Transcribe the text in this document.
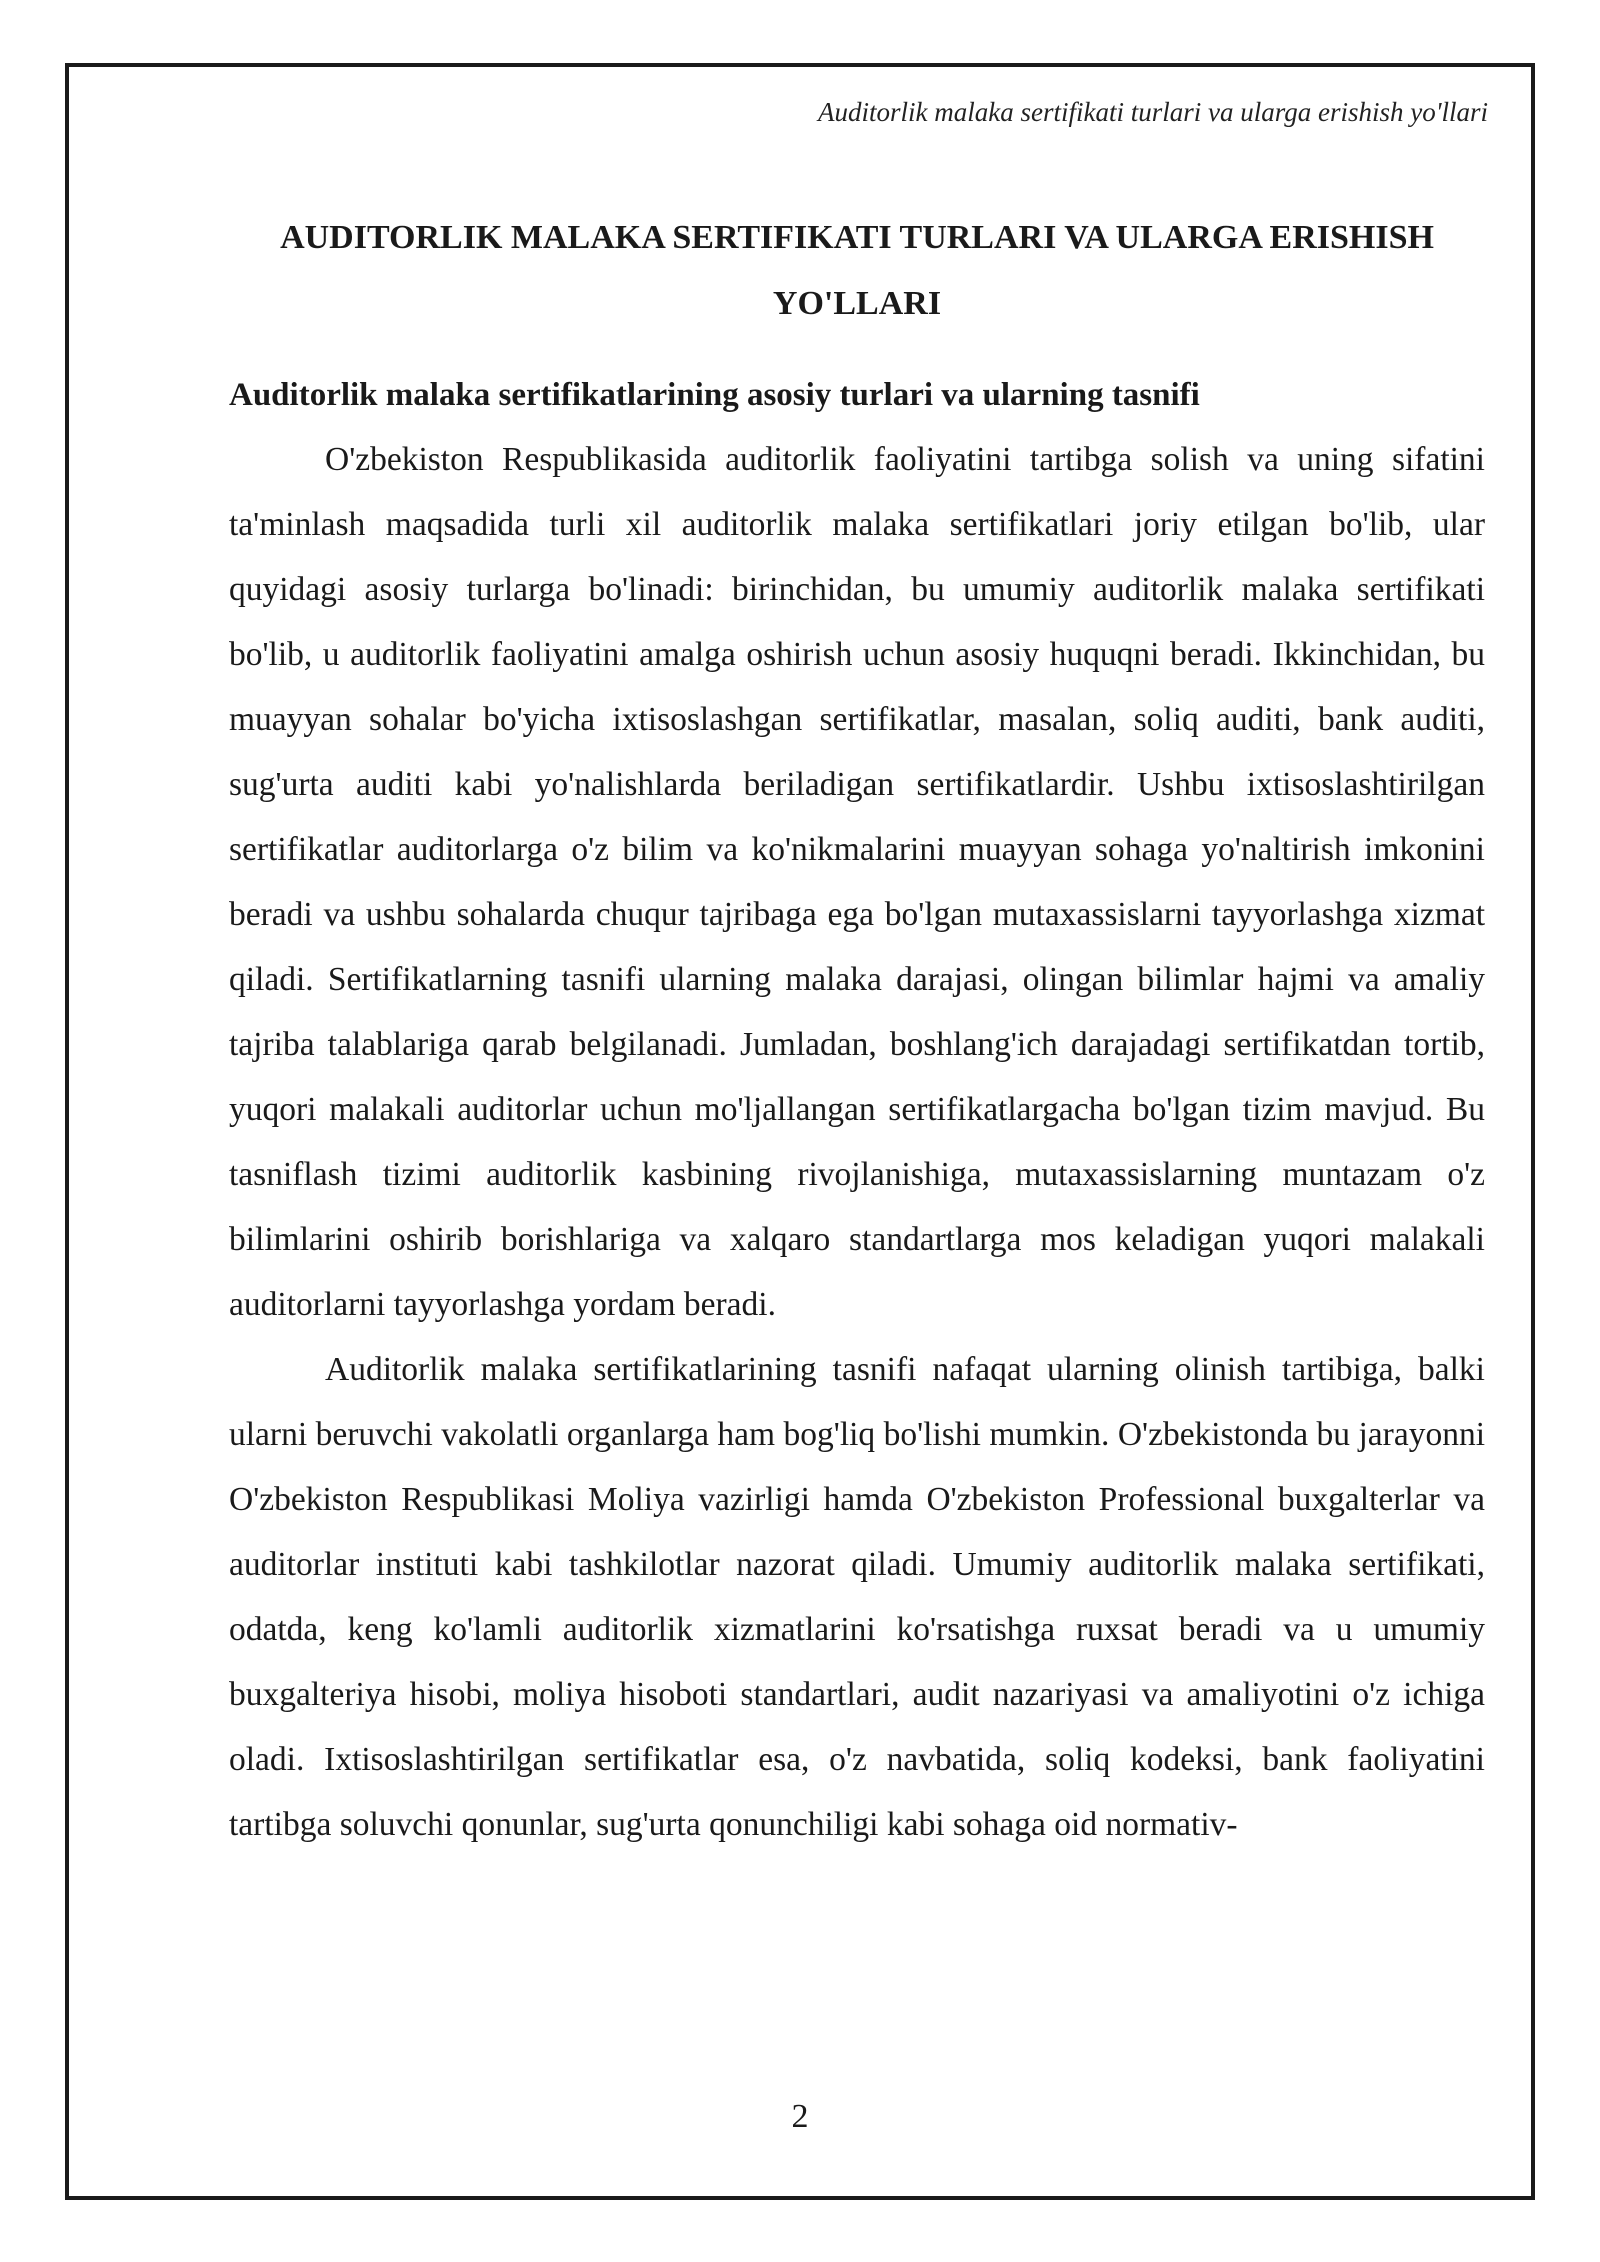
Auditorlik malaka sertifikati turlari va ularga erishish yo'llari
AUDITORLIK MALAKA SERTIFIKATI TURLARI VA ULARGA ERISHISH YO'LLARI
Auditorlik malaka sertifikatlarining asosiy turlari va ularning tasnifi

O'zbekiston Respublikasida auditorlik faoliyatini tartibga solish va uning sifatini ta'minlash maqsadida turli xil auditorlik malaka sertifikatlari joriy etilgan bo'lib, ular quyidagi asosiy turlarga bo'linadi: birinchidan, bu umumiy auditorlik malaka sertifikati bo'lib, u auditorlik faoliyatini amalga oshirish uchun asosiy huquqni beradi. Ikkinchidan, bu muayyan sohalar bo'yicha ixtisoslashgan sertifikatlar, masalan, soliq auditi, bank auditi, sug'urta auditi kabi yo'nalishlarda beriladigan sertifikatlardir. Ushbu ixtisoslashtirilgan sertifikatlar auditorlarga o'z bilim va ko'nikmalarini muayyan sohaga yo'naltirish imkonini beradi va ushbu sohalarda chuqur tajribaga ega bo'lgan mutaxassislarni tayyorlashga xizmat qiladi. Sertifikatlarning tasnifi ularning malaka darajasi, olingan bilimlar hajmi va amaliy tajriba talablariga qarab belgilanadi. Jumladan, boshlang'ich darajadagi sertifikatdan tortib, yuqori malakali auditorlar uchun mo'ljallangan sertifikatlargacha bo'lgan tizim mavjud. Bu tasniflash tizimi auditorlik kasbining rivojlanishiga, mutaxassislarning muntazam o'z bilimlarini oshirib borishlariga va xalqaro standartlarga mos keladigan yuqori malakali auditorlarni tayyorlashga yordam beradi.

Auditorlik malaka sertifikatlarining tasnifi nafaqat ularning olinish tartibiga, balki ularni beruvchi vakolatli organlarga ham bog'liq bo'lishi mumkin. O'zbekistonda bu jarayonni O'zbekiston Respublikasi Moliya vazirligi hamda O'zbekiston Professional buxgalterlar va auditorlar instituti kabi tashkilotlar nazorat qiladi. Umumiy auditorlik malaka sertifikati, odatda, keng ko'lamli auditorlik xizmatlarini ko'rsatishga ruxsat beradi va u umumiy buxgalteriya hisobi, moliya hisoboti standartlari, audit nazariyasi va amaliyotini o'z ichiga oladi. Ixtisoslashtirilgan sertifikatlar esa, o'z navbatida, soliq kodeksi, bank faoliyatini tartibga soluvchi qonunlar, sug'urta qonunchiligi kabi sohaga oid normativ-

2
